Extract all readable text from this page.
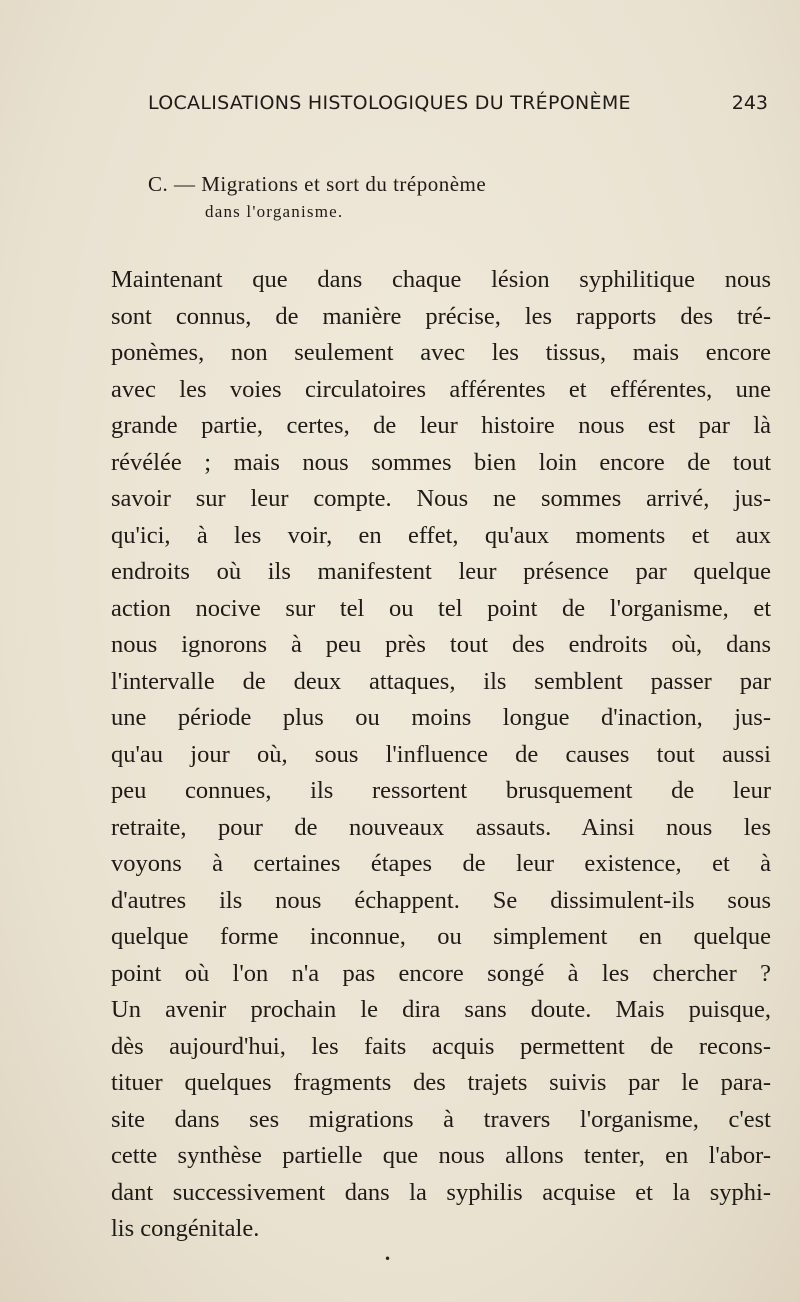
LOCALISATIONS HISTOLOGIQUES DU TRÉPONÈME	243
C. — Migrations et sort du tréponème
dans l'organisme.
Maintenant que dans chaque lésion syphilitique nous
sont connus, de manière précise, les rapports des tré-
ponèmes, non seulement avec les tissus, mais encore
avec les voies circulatoires afférentes et efférentes, une
grande partie, certes, de leur histoire nous est par là
révélée ; mais nous sommes bien loin encore de tout
savoir sur leur compte. Nous ne sommes arrivé, jus-
qu'ici, à les voir, en effet, qu'aux moments et aux
endroits où ils manifestent leur présence par quelque
action nocive sur tel ou tel point de l'organisme, et
nous ignorons à peu près tout des endroits où, dans
l'intervalle de deux attaques, ils semblent passer par
une période plus ou moins longue d'inaction, jus-
qu'au jour où, sous l'influence de causes tout aussi
peu connues, ils ressortent brusquement de leur
retraite, pour de nouveaux assauts. Ainsi nous les
voyons à certaines étapes de leur existence, et à
d'autres ils nous échappent. Se dissimulent-ils sous
quelque forme inconnue, ou simplement en quelque
point où l'on n'a pas encore songé à les chercher ?
Un avenir prochain le dira sans doute. Mais puisque,
dès aujourd'hui, les faits acquis permettent de recons-
tituer quelques fragments des trajets suivis par le para-
site dans ses migrations à travers l'organisme, c'est
cette synthèse partielle que nous allons tenter, en l'abor-
dant successivement dans la syphilis acquise et la syphi-
lis congénitale.
•
